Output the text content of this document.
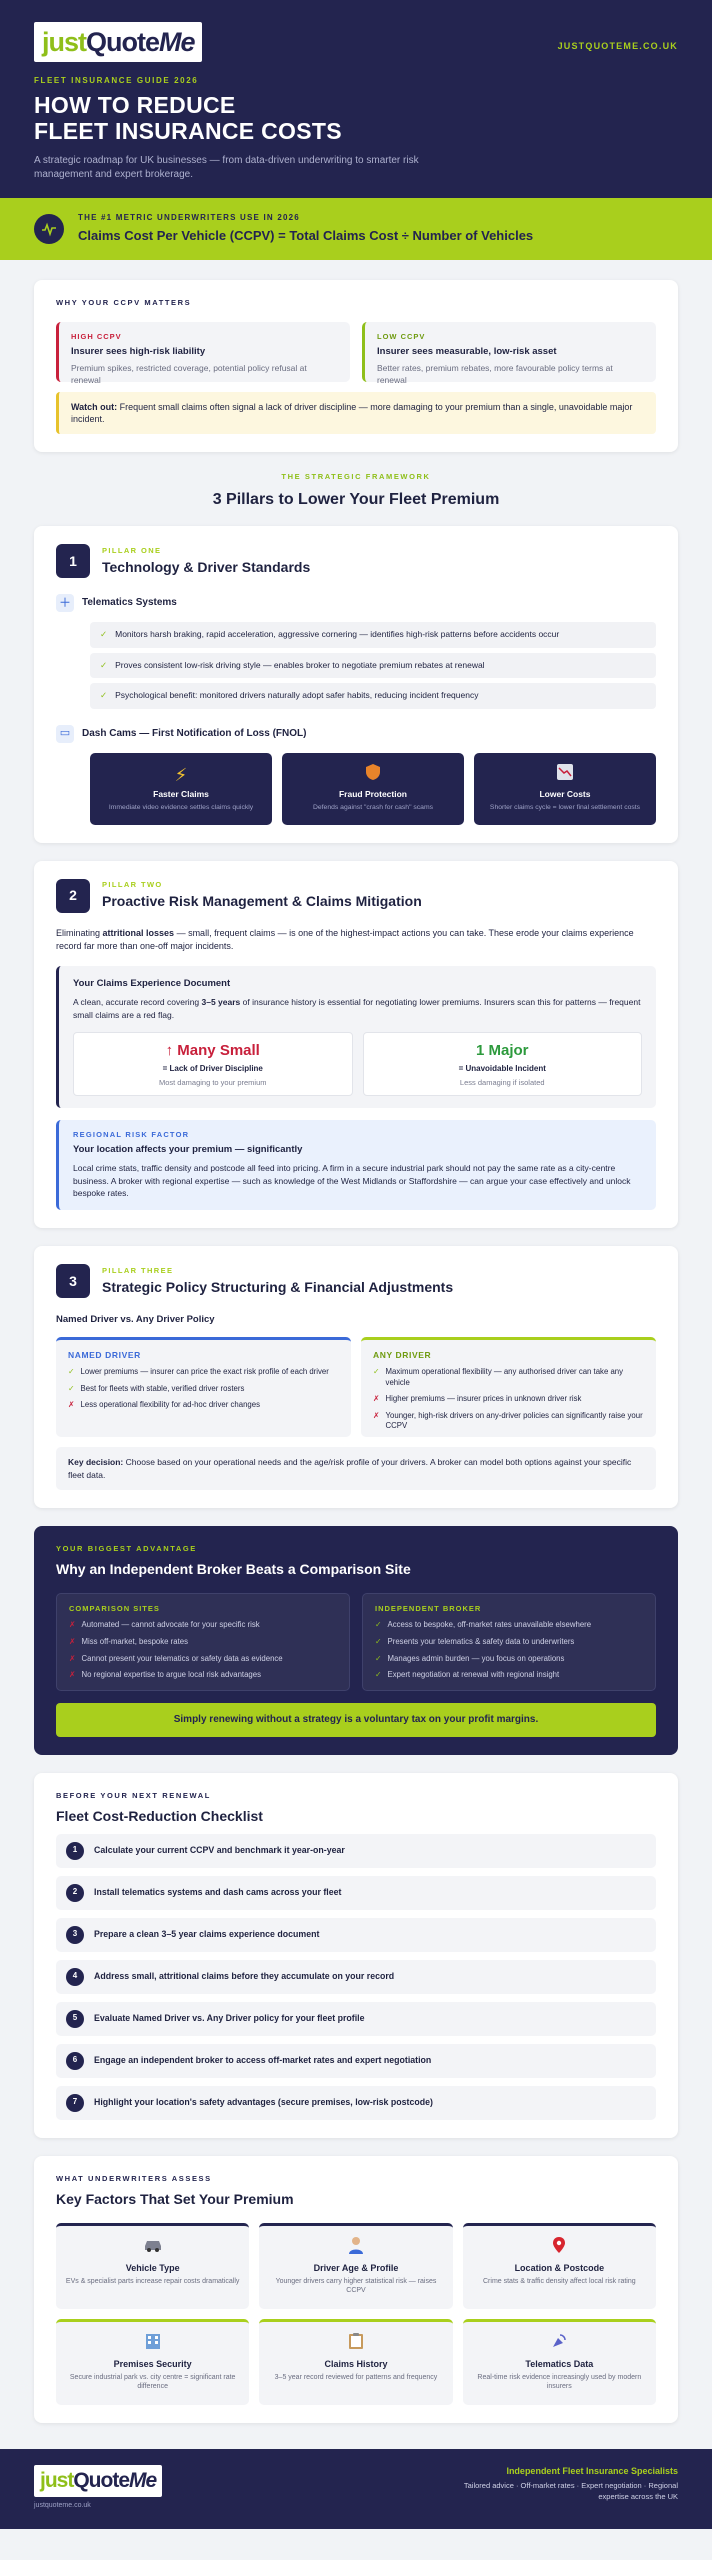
just Quote Me	JUSTQUOTEME.CO.UK
FLEET INSURANCE GUIDE 2026
HOW TO REDUCE
FLEET INSURANCE COSTS
A strategic roadmap for UK businesses — from data-driven underwriting to smarter risk management and expert brokerage.
THE #1 METRIC UNDERWRITERS USE IN 2026
Claims Cost Per Vehicle (CCPV) = Total Claims Cost ÷ Number of Vehicles
WHY YOUR CCPV MATTERS
HIGH CCPV
Insurer sees high-risk liability
Premium spikes, restricted coverage, potential policy refusal at renewal
LOW CCPV
Insurer sees measurable, low-risk asset
Better rates, premium rebates, more favourable policy terms at renewal
Watch out: Frequent small claims often signal a lack of driver discipline — more damaging to your premium than a single, unavoidable major incident.
THE STRATEGIC FRAMEWORK
3 Pillars to Lower Your Fleet Premium
1
PILLAR ONE
Technology & Driver Standards
＋	Telematics Systems
✓ Monitors harsh braking, rapid acceleration, aggressive cornering — identifies high-risk patterns before accidents occur
✓ Proves consistent low-risk driving style — enables broker to negotiate premium rebates at renewal
✓ Psychological benefit: monitored drivers naturally adopt safer habits, reducing incident frequency
▭	Dash Cams — First Notification of Loss (FNOL)
⚡
Faster Claims
Immediate video evidence settles claims quickly
Fraud Protection
Defends against "crash for cash" scams
Lower Costs
Shorter claims cycle = lower final settlement costs
2
PILLAR TWO
Proactive Risk Management & Claims Mitigation
Eliminating attritional losses — small, frequent claims — is one of the highest-impact actions you can take. These erode your claims experience record far more than one-off major incidents.
Your Claims Experience Document
A clean, accurate record covering 3–5 years of insurance history is essential for negotiating lower premiums. Insurers scan this for patterns — frequent small claims are a red flag.
↑ Many Small
= Lack of Driver Discipline
Most damaging to your premium
1 Major
= Unavoidable Incident
Less damaging if isolated
REGIONAL RISK FACTOR
Your location affects your premium — significantly
Local crime stats, traffic density and postcode all feed into pricing. A firm in a secure industrial park should not pay the same rate as a city-centre business. A broker with regional expertise — such as knowledge of the West Midlands or Staffordshire — can argue your case effectively and unlock bespoke rates.
3
PILLAR THREE
Strategic Policy Structuring & Financial Adjustments
Named Driver vs. Any Driver Policy
NAMED DRIVER
✓ Lower premiums — insurer can price the exact risk profile of each driver
✓ Best for fleets with stable, verified driver rosters
✗ Less operational flexibility for ad-hoc driver changes
ANY DRIVER
✓ Maximum operational flexibility — any authorised driver can take any vehicle
✗ Higher premiums — insurer prices in unknown driver risk
✗ Younger, high-risk drivers on any-driver policies can significantly raise your CCPV
Key decision: Choose based on your operational needs and the age/risk profile of your drivers. A broker can model both options against your specific fleet data.
YOUR BIGGEST ADVANTAGE
Why an Independent Broker Beats a Comparison Site
COMPARISON SITES
✗ Automated — cannot advocate for your specific risk
✗ Miss off-market, bespoke rates
✗ Cannot present your telematics or safety data as evidence
✗ No regional expertise to argue local risk advantages
INDEPENDENT BROKER
✓ Access to bespoke, off-market rates unavailable elsewhere
✓ Presents your telematics & safety data to underwriters
✓ Manages admin burden — you focus on operations
✓ Expert negotiation at renewal with regional insight
Simply renewing without a strategy is a voluntary tax on your profit margins.
BEFORE YOUR NEXT RENEWAL
Fleet Cost-Reduction Checklist
1	Calculate your current CCPV and benchmark it year-on-year
2	Install telematics systems and dash cams across your fleet
3	Prepare a clean 3–5 year claims experience document
4	Address small, attritional claims before they accumulate on your record
5	Evaluate Named Driver vs. Any Driver policy for your fleet profile
6	Engage an independent broker to access off-market rates and expert negotiation
7	Highlight your location's safety advantages (secure premises, low-risk postcode)
WHAT UNDERWRITERS ASSESS
Key Factors That Set Your Premium
Vehicle Type
EVs & specialist parts increase repair costs dramatically
Driver Age & Profile
Younger drivers carry higher statistical risk — raises CCPV
Location & Postcode
Crime stats & traffic density affect local risk rating
Premises Security
Secure industrial park vs. city centre = significant rate difference
Claims History
3–5 year record reviewed for patterns and frequency
Telematics Data
Real-time risk evidence increasingly used by modern insurers
just Quote Me
justquoteme.co.uk
Independent Fleet Insurance Specialists
Tailored advice · Off-market rates · Expert negotiation · Regional expertise across the UK
